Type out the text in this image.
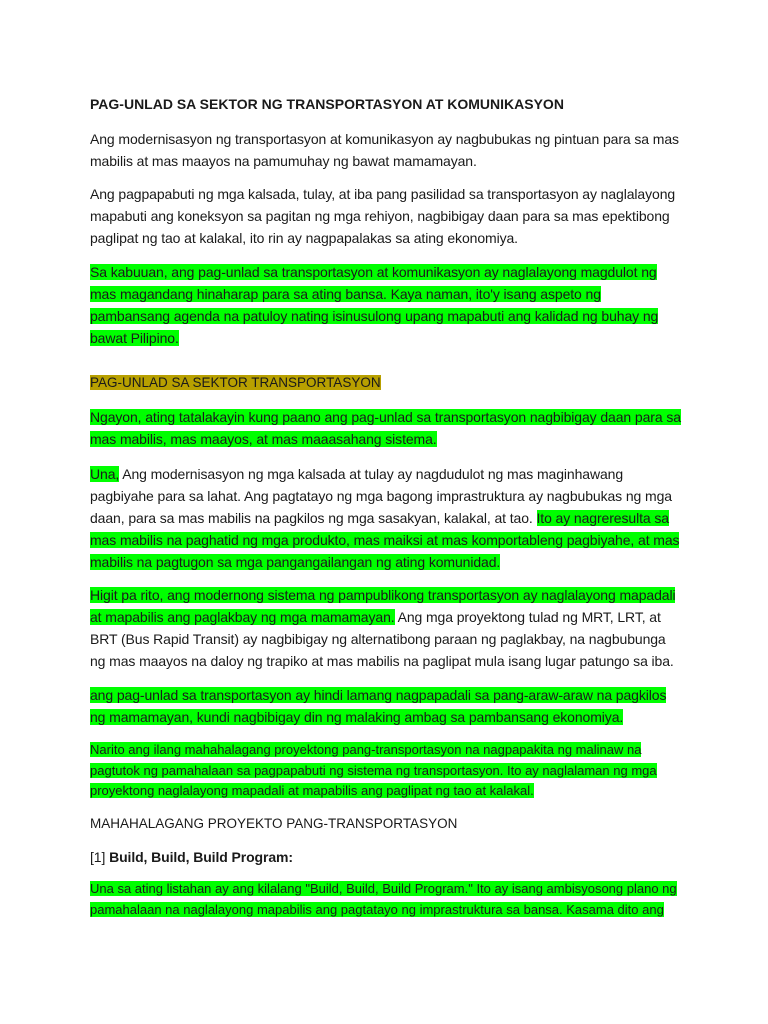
PAG-UNLAD SA SEKTOR NG TRANSPORTASYON AT KOMUNIKASYON

Ang modernisasyon ng transportasyon at komunikasyon ay nagbubukas ng pintuan para sa mas mabilis at mas maayos na pamumuhay ng bawat mamamayan.

Ang pagpapabuti ng mga kalsada, tulay, at iba pang pasilidad sa transportasyon ay naglalayong mapabuti ang koneksyon sa pagitan ng mga rehiyon, nagbibigay daan para sa mas epektibong paglipat ng tao at kalakal, ito rin ay nagpapalakas sa ating ekonomiya.

Sa kabuuan, ang pag-unlad sa transportasyon at komunikasyon ay naglalayong magdulot ng mas magandang hinaharap para sa ating bansa. Kaya naman, ito'y isang aspeto ng pambansang agenda na patuloy nating isinusulong upang mapabuti ang kalidad ng buhay ng bawat Pilipino.

PAG-UNLAD SA SEKTOR TRANSPORTASYON

Ngayon, ating tatalakayin kung paano ang pag-unlad sa transportasyon nagbibigay daan para sa mas mabilis, mas maayos, at mas maaasahang sistema.

Una, Ang modernisasyon ng mga kalsada at tulay ay nagdudulot ng mas maginhawang pagbiyahe para sa lahat. Ang pagtatayo ng mga bagong imprastruktura ay nagbubukas ng mga daan, para sa mas mabilis na pagkilos ng mga sasakyan, kalakal, at tao. Ito ay nagreresulta sa mas mabilis na paghatid ng mga produkto, mas maiksi at mas komportableng pagbiyahe, at mas mabilis na pagtugon sa mga pangangailangan ng ating komunidad.

Higit pa rito, ang modernong sistema ng pampublikong transportasyon ay naglalayong mapadali at mapabilis ang paglakbay ng mga mamamayan. Ang mga proyektong tulad ng MRT, LRT, at BRT (Bus Rapid Transit) ay nagbibigay ng alternatibong paraan ng paglakbay, na nagbubunga ng mas maayos na daloy ng trapiko at mas mabilis na paglipat mula isang lugar patungo sa iba.

ang pag-unlad sa transportasyon ay hindi lamang nagpapadali sa pang-araw-araw na pagkilos ng mamamayan, kundi nagbibigay din ng malaking ambag sa pambansang ekonomiya.

Narito ang ilang mahahalagang proyektong pang-transportasyon na nagpapakita ng malinaw na pagtutok ng pamahalaan sa pagpapabuti ng sistema ng transportasyon. Ito ay naglalaman ng mga proyektong naglalayong mapadali at mapabilis ang paglipat ng tao at kalakal.

MAHAHALAGANG PROYEKTO PANG-TRANSPORTASYON

[1] Build, Build, Build Program:

Una sa ating listahan ay ang kilalang "Build, Build, Build Program." Ito ay isang ambisyosong plano ng pamahalaan na naglalayong mapabilis ang pagtatayo ng imprastruktura sa bansa. Kasama dito ang
